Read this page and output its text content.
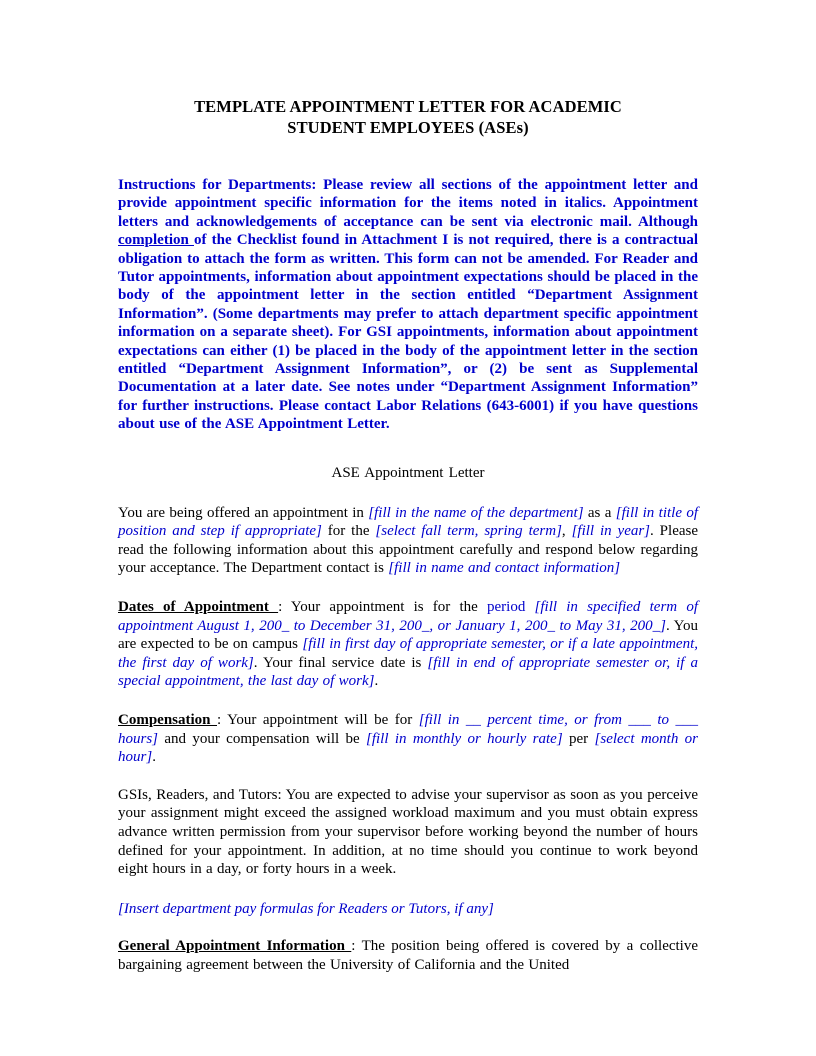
TEMPLATE APPOINTMENT LETTER FOR ACADEMIC
STUDENT EMPLOYEES (ASEs)

Instructions for Departments: Please review all sections of the appointment letter and provide appointment specific information for the items noted in italics. Appointment letters and acknowledgements of acceptance can be sent via electronic mail. Although completion of the Checklist found in Attachment I is not required, there is a contractual obligation to attach the form as written. This form can not be amended. For Reader and Tutor appointments, information about appointment expectations should be placed in the body of the appointment letter in the section entitled “Department Assignment Information”. (Some departments may prefer to attach department specific appointment information on a separate sheet). For GSI appointments, information about appointment expectations can either (1) be placed in the body of the appointment letter in the section entitled “Department Assignment Information”, or (2) be sent as Supplemental Documentation at a later date. See notes under “Department Assignment Information” for further instructions. Please contact Labor Relations (643-6001) if you have questions about use of the ASE Appointment Letter.

ASE Appointment Letter

You are being offered an appointment in [fill in the name of the department] as a [fill in title of position and step if appropriate] for the [select fall term, spring term], [fill in year]. Please read the following information about this appointment carefully and respond below regarding your acceptance. The Department contact is [fill in name and contact information]

Dates of Appointment : Your appointment is for the period [fill in specified term of appointment August 1, 200_ to December 31, 200_, or January 1, 200_ to May 31, 200_]. You are expected to be on campus [fill in first day of appropriate semester, or if a late appointment, the first day of work]. Your final service date is [fill in end of appropriate semester or, if a special appointment, the last day of work].

Compensation : Your appointment will be for [fill in __ percent time, or from ___ to ___ hours] and your compensation will be [fill in monthly or hourly rate] per [select month or hour].

GSIs, Readers, and Tutors: You are expected to advise your supervisor as soon as you perceive your assignment might exceed the assigned workload maximum and you must obtain express advance written permission from your supervisor before working beyond the number of hours defined for your appointment. In addition, at no time should you continue to work beyond eight hours in a day, or forty hours in a week.

[Insert department pay formulas for Readers or Tutors, if any]

General Appointment Information : The position being offered is covered by a collective bargaining agreement between the University of California and the United
